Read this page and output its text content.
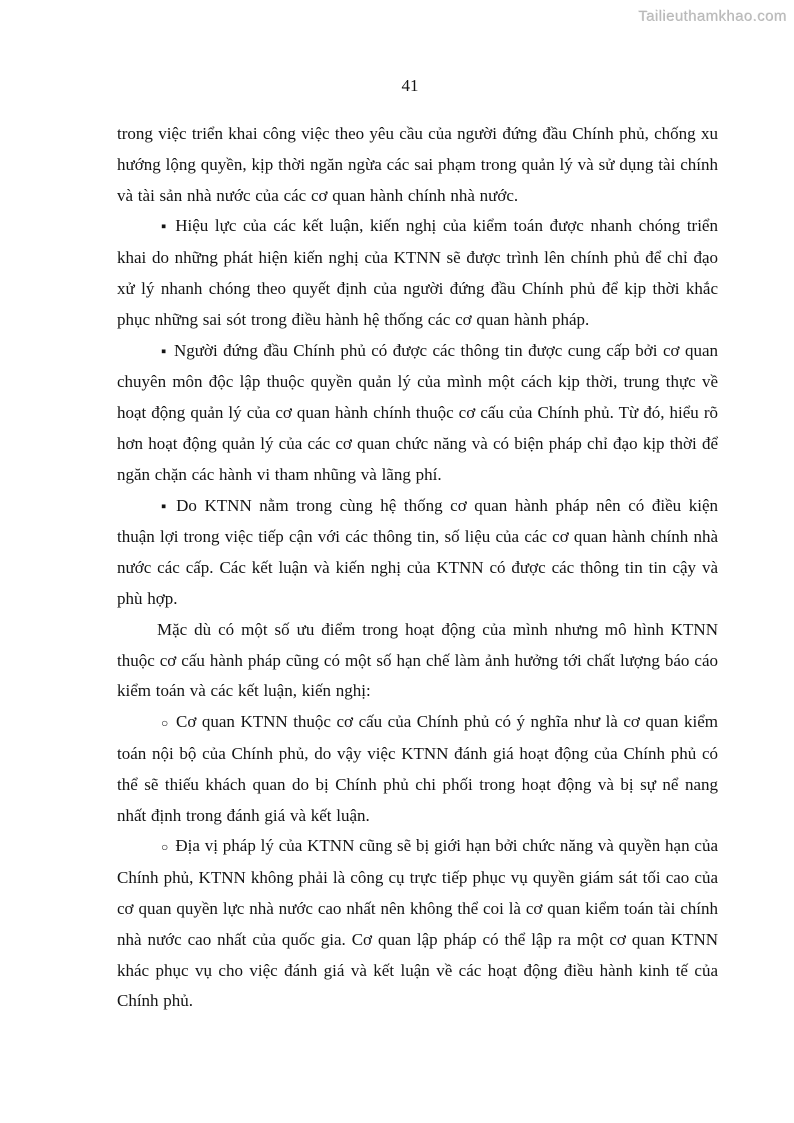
Tailieuthamkhao.com
41

trong việc triển khai công việc theo yêu cầu của người đứng đầu Chính phủ, chống xu hướng lộng quyền, kịp thời ngăn ngừa các sai phạm trong quản lý và sử dụng tài chính và tài sản nhà nước của các cơ quan hành chính nhà nước.

▪ Hiệu lực của các kết luận, kiến nghị của kiểm toán được nhanh chóng triển khai do những phát hiện kiến nghị của KTNN sẽ được trình lên chính phủ để chỉ đạo xử lý nhanh chóng theo quyết định của người đứng đầu Chính phủ để kịp thời khắc phục những sai sót trong điều hành hệ thống các cơ quan hành pháp.

▪ Người đứng đầu Chính phủ có được các thông tin được cung cấp bởi cơ quan chuyên môn độc lập thuộc quyền quản lý của mình một cách kịp thời, trung thực về hoạt động quản lý của cơ quan hành chính thuộc cơ cấu của Chính phủ. Từ đó, hiểu rõ hơn hoạt động quản lý của các cơ quan chức năng và có biện pháp chỉ đạo kịp thời để ngăn chặn các hành vi tham nhũng và lãng phí.

▪ Do KTNN nằm trong cùng hệ thống cơ quan hành pháp nên có điều kiện thuận lợi trong việc tiếp cận với các thông tin, số liệu của các cơ quan hành chính nhà nước các cấp. Các kết luận và kiến nghị của KTNN có được các thông tin tin cậy và phù hợp.

Mặc dù có một số ưu điểm trong hoạt động của mình nhưng mô hình KTNN thuộc cơ cấu hành pháp cũng có một số hạn chế làm ảnh hưởng tới chất lượng báo cáo kiểm toán và các kết luận, kiến nghị:

○ Cơ quan KTNN thuộc cơ cấu của Chính phủ có ý nghĩa như là cơ quan kiểm toán nội bộ của Chính phủ, do vậy việc KTNN đánh giá hoạt động của Chính phủ có thể sẽ thiếu khách quan do bị Chính phủ chi phối trong hoạt động và bị sự nể nang nhất định trong đánh giá và kết luận.

○ Địa vị pháp lý của KTNN cũng sẽ bị giới hạn bởi chức năng và quyền hạn của Chính phủ, KTNN không phải là công cụ trực tiếp phục vụ quyền giám sát tối cao của cơ quan quyền lực nhà nước cao nhất nên không thể coi là cơ quan kiểm toán tài chính nhà nước cao nhất của quốc gia. Cơ quan lập pháp có thể lập ra một cơ quan KTNN khác phục vụ cho việc đánh giá và kết luận về các hoạt động điều hành kinh tế của Chính phủ.
